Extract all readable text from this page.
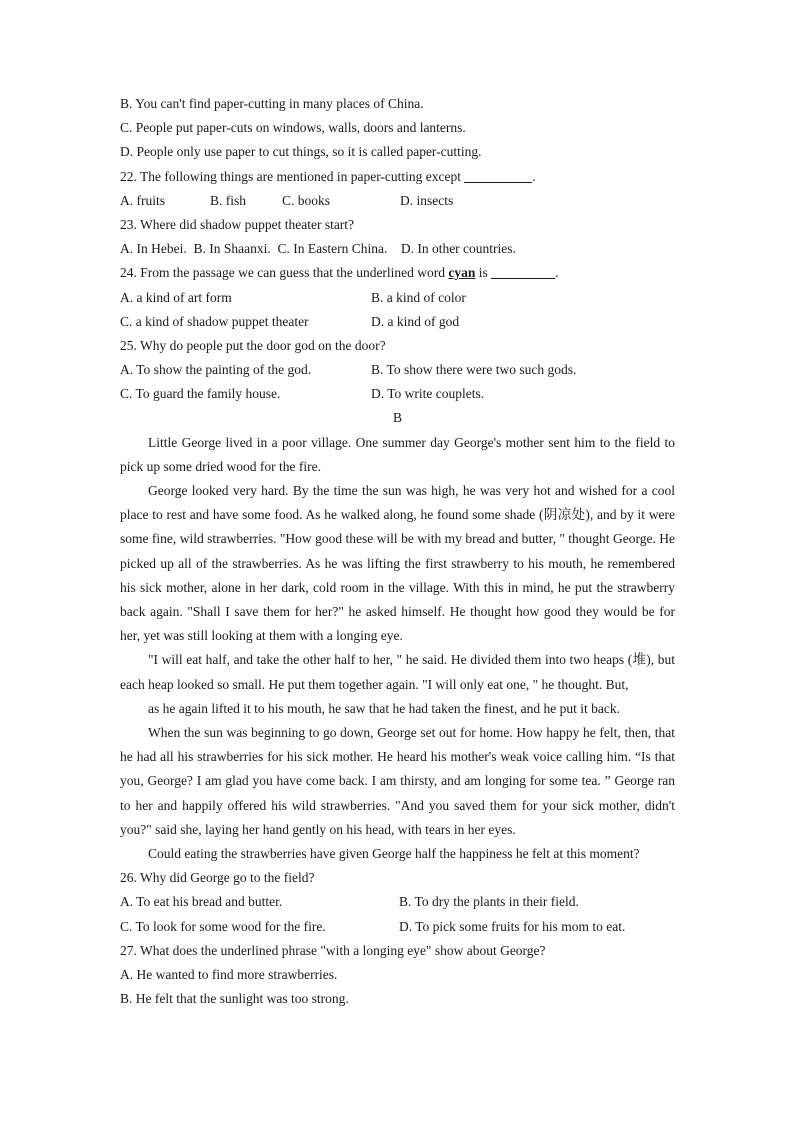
B. You can't find paper-cutting in many places of China.
C. People put paper-cuts on windows, walls, doors and lanterns.
D. People only use paper to cut things, so it is called paper-cutting.
22. The following things are mentioned in paper-cutting except	.
A. fruits	B. fish	C. books	D. insects
23. Where did shadow puppet theater start?
A. In Hebei.  B. In Shaanxi.  C. In Eastern China.    D. In other countries.
24. From the passage we can guess that the underlined word cyan is	.
A. a kind of art form	B. a kind of color
C. a kind of shadow puppet theater	D. a kind of god
25. Why do people put the door god on the door?
A. To show the painting of the god.	B. To show there were two such gods.
C. To guard the family house.	D. To write couplets.
B

Little George lived in a poor village. One summer day George's mother sent him to the field to pick up some dried wood for the fire.

George looked very hard. By the time the sun was high, he was very hot and wished for a cool place to rest and have some food. As he walked along, he found some shade (阴凉处), and by it were some fine, wild strawberries. "How good these will be with my bread and butter, " thought George. He picked up all of the strawberries. As he was lifting the first strawberry to his mouth, he remembered his sick mother, alone in her dark, cold room in the village. With this in mind, he put the strawberry back again. "Shall I save them for her?" he asked himself. He thought how good they would be for her, yet was still looking at them with a longing eye.

"I will eat half, and take the other half to her, " he said. He divided them into two heaps (堆), but each heap looked so small. He put them together again. "I will only eat one, " he thought. But,

as he again lifted it to his mouth, he saw that he had taken the finest, and he put it back.

When the sun was beginning to go down, George set out for home. How happy he felt, then, that he had all his strawberries for his sick mother. He heard his mother's weak voice calling him. “Is that you, George? I am glad you have come back. I am thirsty, and am longing for some tea. ” George ran to her and happily offered his wild strawberries. "And you saved them for your sick mother, didn't you?" said she, laying her hand gently on his head, with tears in her eyes.

Could eating the strawberries have given George half the happiness he felt at this moment?

26. Why did George go to the field?
A. To eat his bread and butter.	B. To dry the plants in their field.
C. To look for some wood for the fire.	D. To pick some fruits for his mom to eat.
27. What does the underlined phrase "with a longing eye" show about George?
A. He wanted to find more strawberries.
B. He felt that the sunlight was too strong.
